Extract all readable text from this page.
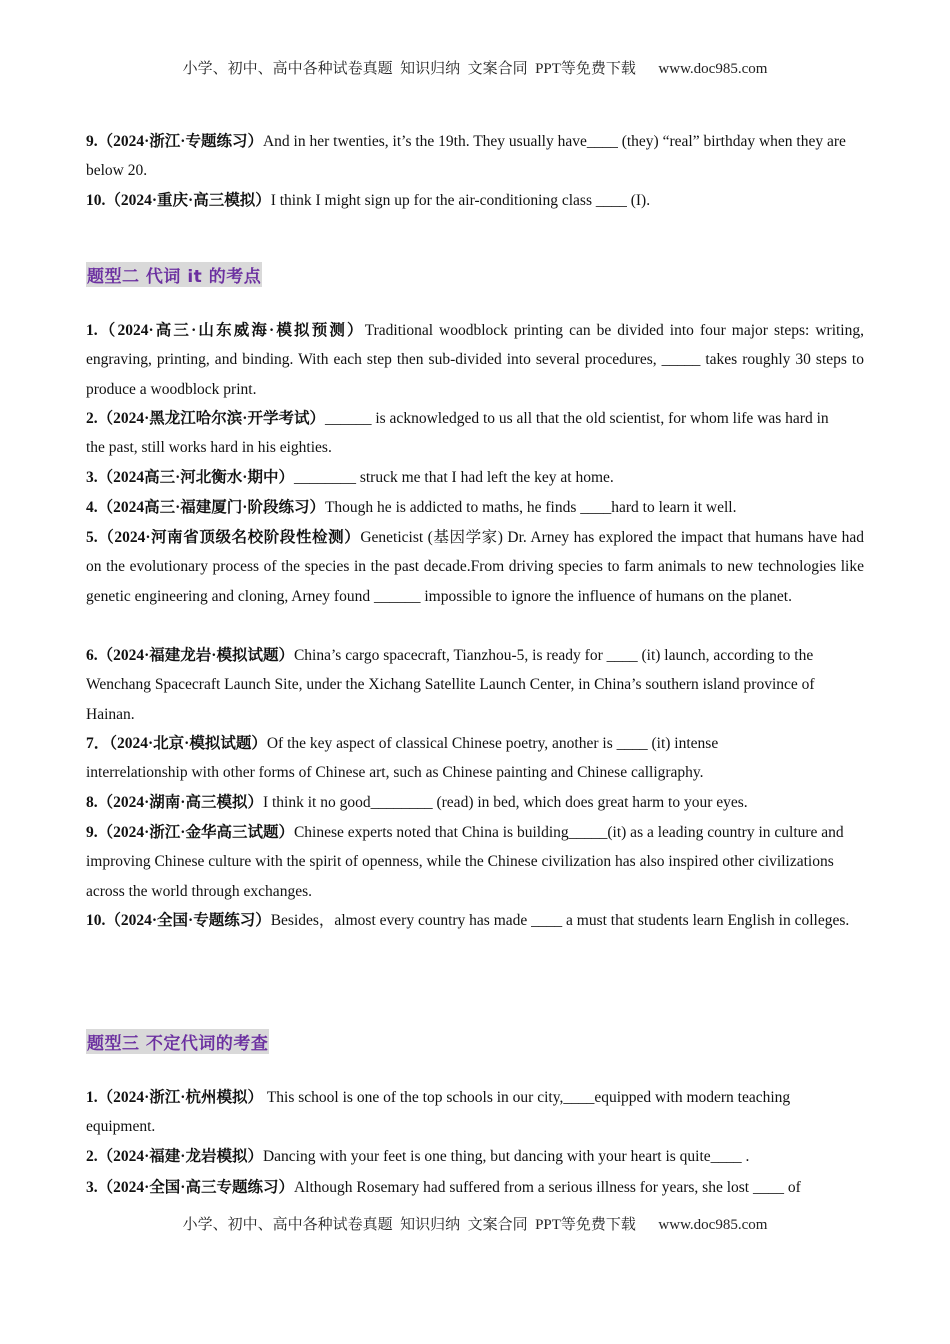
小学、初中、高中各种试卷真题  知识归纳  文案合同  PPT等免费下载      www.doc985.com
9.（2024·浙江·专题练习）And in her twenties, it’s the 19th. They usually have____ (they) “real” birthday when they are below 20.
10.（2024·重庆·高三模拟）I think I might sign up for the air-conditioning class ____ (I).
题型二 代词 it 的考点
1.（2024·高三·山东威海·模拟预测）Traditional woodblock printing can be divided into four major steps: writing, engraving, printing, and binding. With each step then sub-divided into several procedures, _____ takes roughly 30 steps to produce a woodblock print.
2.（2024·黑龙江哈尔滨·开学考试）______ is acknowledged to us all that the old scientist, for whom life was hard in the past, still works hard in his eighties.
3.（2024高三·河北衡水·期中）________ struck me that I had left the key at home.
4.（2024高三·福建厦门·阶段练习）Though he is addicted to maths, he finds ____hard to learn it well.
5.（2024·河南省顶级名校阶段性检测）Geneticist (基因学家) Dr. Arney has explored the impact that humans have had on the evolutionary process of the species in the past decade.From driving species to farm animals to new technologies like genetic engineering and cloning, Arney found ______ impossible to ignore the influence of humans on the planet.
6.（2024·福建龙岩·模拟试题）China’s cargo spacecraft, Tianzhou-5, is ready for ____ (it) launch, according to the Wenchang Spacecraft Launch Site, under the Xichang Satellite Launch Center, in China’s southern island province of Hainan.
7．（2024·北京·模拟试题）Of the key aspect of classical Chinese poetry, another is ____ (it) intense interrelationship with other forms of Chinese art, such as Chinese painting and Chinese calligraphy.
8.（2024·湖南·高三模拟）I think it no good________ (read) in bed, which does great harm to your eyes.
9.（2024·浙江·金华高三试题）Chinese experts noted that China is building_____(it) as a leading country in culture and improving Chinese culture with the spirit of openness, while the Chinese civilization has also inspired other civilizations across the world through exchanges.
10.（2024·全国·专题练习）Besides，almost every country has made ____ a must that students learn English in colleges.
题型三 不定代词的考查
1.（2024·浙江·杭州模拟） This school is one of the top schools in our city,____equipped with modern teaching equipment.
2.（2024·福建·龙岩模拟）Dancing with your feet is one thing, but dancing with your heart is quite____ .
3.（2024·全国·高三专题练习）Although Rosemary had suffered from a serious illness for years, she lost ____ of
小学、初中、高中各种试卷真题  知识归纳  文案合同  PPT等免费下载      www.doc985.com
